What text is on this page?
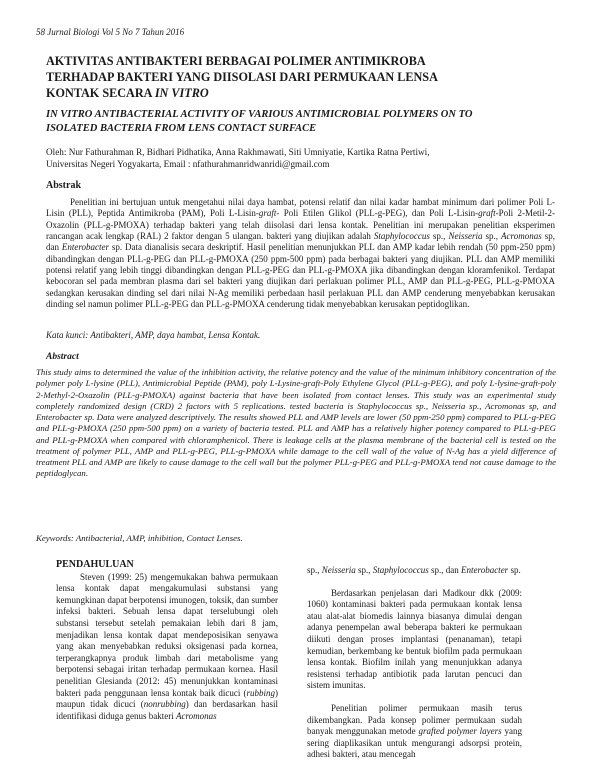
58 Jurnal Biologi Vol 5 No 7 Tahun 2016
AKTIVITAS ANTIBAKTERI BERBAGAI POLIMER ANTIMIKROBA
TERHADAP BAKTERI YANG DIISOLASI DARI PERMUKAAN LENSA
KONTAK SECARA IN VITRO
IN VITRO ANTIBACTERIAL ACTIVITY OF VARIOUS ANTIMICROBIAL POLYMERS ON TO
ISOLATED BACTERIA FROM LENS CONTACT SURFACE
Oleh: Nur Fathurahman R, Bidhari Pidhatika, Anna Rakhmawati, Siti Umniyatie, Kartika Ratna Pertiwi,
Universitas Negeri Yogyakarta, Email : nfathurahmanridwanridi@gmail.com
Abstrak

Penelitian ini bertujuan untuk mengetahui nilai daya hambat, potensi relatif dan nilai kadar hambat minimum dari polimer Poli L-Lisin (PLL), Peptida Antimikroba (PAM), Poli L-Lisin-graft- Poli Etilen Glikol (PLL-g-PEG), dan Poli L-Lisin-graft-Poli 2-Metil-2-Oxazolin (PLL-g-PMOXA) terhadap bakteri yang telah diisolasi dari lensa kontak. Penelitian ini merupakan penelitian eksperimen rancangan acak lengkap (RAL) 2 faktor dengan 5 ulangan. bakteri yang diujikan adalah Staphylococcus sp., Neisseria sp., Acromonas sp, dan Enterobacter sp. Data dianalisis secara deskriptif. Hasil penelitian menunjukkan PLL dan AMP kadar lebih rendah (50 ppm-250 ppm) dibandingkan dengan PLL-g-PEG dan PLL-g-PMOXA (250 ppm-500 ppm) pada berbagai bakteri yang diujikan. PLL dan AMP memiliki potensi relatif yang lebih tinggi dibandingkan dengan PLL-g-PEG dan PLL-g-PMOXA jika dibandingkan dengan kloramfenikol. Terdapat kebocoran sel pada membran plasma dari sel bakteri yang diujikan dari perlakuan polimer PLL, AMP dan PLL-g-PEG, PLL-g-PMOXA sedangkan kerusakan dinding sel dari nilai N-Ag memiliki perbedaan hasil perlakuan PLL dan AMP cenderung menyebabkan kerusakan dinding sel namun polimer PLL-g-PEG dan PLL-g-PMOXA cenderung tidak menyebabkan kerusakan peptidoglikan.

Kata kunci: Antibakteri, AMP, daya hambat, Lensa Kontak.
Abstract

This study aims to determined the value of the inhibition activity, the relative potency and the value of the minimum inhibitory concentration of the polymer poly L-lysine (PLL), Antimicrobial Peptide (PAM), poly L-Lysine-graft-Poly Ethylene Glycol (PLL-g-PEG), and poly L-lysine-graft-poly 2-Methyl-2-Oxazolin (PLL-g-PMOXA) against bacteria that have been isolated from contact lenses. This study was an experimental study completely randomized design (CRD) 2 factors with 5 replications. tested bacteria is Staphylococcus sp., Neisseria sp., Acromonas sp, and Enterobacter sp. Data were analyzed descriptively. The results showed PLL and AMP levels are lower (50 ppm-250 ppm) compared to PLL-g-PEG and PLL-g-PMOXA (250 ppm-500 ppm) on a variety of bacteria tested. PLL and AMP has a relatively higher potency compared to PLL-g-PEG and PLL-g-PMOXA when compared with chloramphenicol. There is leakage cells at the plasma membrane of the bacterial cell is tested on the treatment of polymer PLL, AMP and PLL-g-PEG, PLL-g-PMOXA while damage to the cell wall of the value of N-Ag has a yield difference of treatment PLL and AMP are likely to cause damage to the cell wall but the polymer PLL-g-PEG and PLL-g-PMOXA tend not cause damage to the peptidoglycan.

Keywords: Antibacterial, AMP, inhibition, Contact Lenses.
PENDAHULUAN

Steven (1999: 25) mengemukakan bahwa permukaan lensa kontak dapat mengakumulasi substansi yang kemungkinan dapat berpotensi imunogen, toksik, dan sumber infeksi bakteri. Sebuah lensa dapat terselubungi oleh substansi tersebut setelah pemakaian lebih dari 8 jam, menjadikan lensa kontak dapat mendeposisikan senyawa yang akan menyebabkan reduksi oksigenasi pada kornea, terperangkapnya produk limbah dari metabolisme yang berpotensi sebagai iritan terhadap permukaan kornea. Hasil penelitian Glesianda (2012: 45) menunjukkan kontaminasi bakteri pada penggunaan lensa kontak baik dicuci (rubbing) maupun tidak dicuci (nonrubbing) dan berdasarkan hasil identifikasi diduga genus bakteri Acromonas

sp., Neisseria sp., Staphylococcus sp., dan Enterobacter sp.

Berdasarkan penjelasan dari Madkour dkk (2009: 1060) kontaminasi bakteri pada permukaan kontak lensa atau alat-alat biomedis lainnya biasanya dimulai dengan adanya penempelan awal beberapa bakteri ke permukaan diikuti dengan proses implantasi (penanaman), tetapi kemudian, berkembang ke bentuk biofilm pada permukaan lensa kontak. Biofilm inilah yang menunjukkan adanya resistensi terhadap antibiotik pada larutan pencuci dan sistem imunitas.

Penelitian polimer permukaan masih terus dikembangkan. Pada konsep polimer permukaan sudah banyak menggunakan metode grafted polymer layers yang sering diaplikasikan untuk mengurangi adsorpsi protein, adhesi bakteri, atau mencegah
